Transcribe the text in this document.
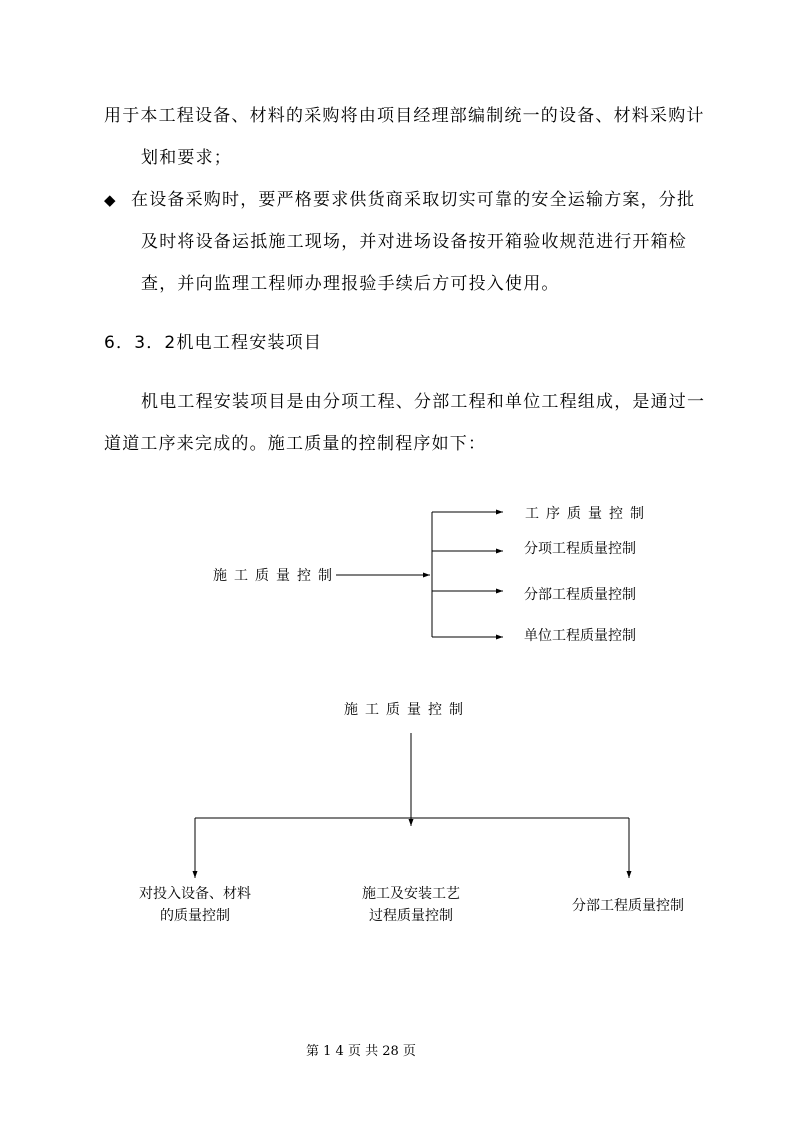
用于本工程设备、材料的采购将由项目经理部编制统一的设备、材料采购计
划和要求；
◆ 在设备采购时，要严格要求供货商采取切实可靠的安全运输方案，分批
及时将设备运抵施工现场，并对进场设备按开箱验收规范进行开箱检
查，并向监理工程师办理报验手续后方可投入使用。
6．3．2机电工程安装项目
机电工程安装项目是由分项工程、分部工程和单位工程组成，是通过一
道道工序来完成的。施工质量的控制程序如下：
施工质量控制
工序质量控制
分项工程质量控制
分部工程质量控制
单位工程质量控制
施工质量控制
对投入设备、材料
的质量控制
施工及安装工艺
过程质量控制
分部工程质量控制
第 1 4 页 共 28 页
